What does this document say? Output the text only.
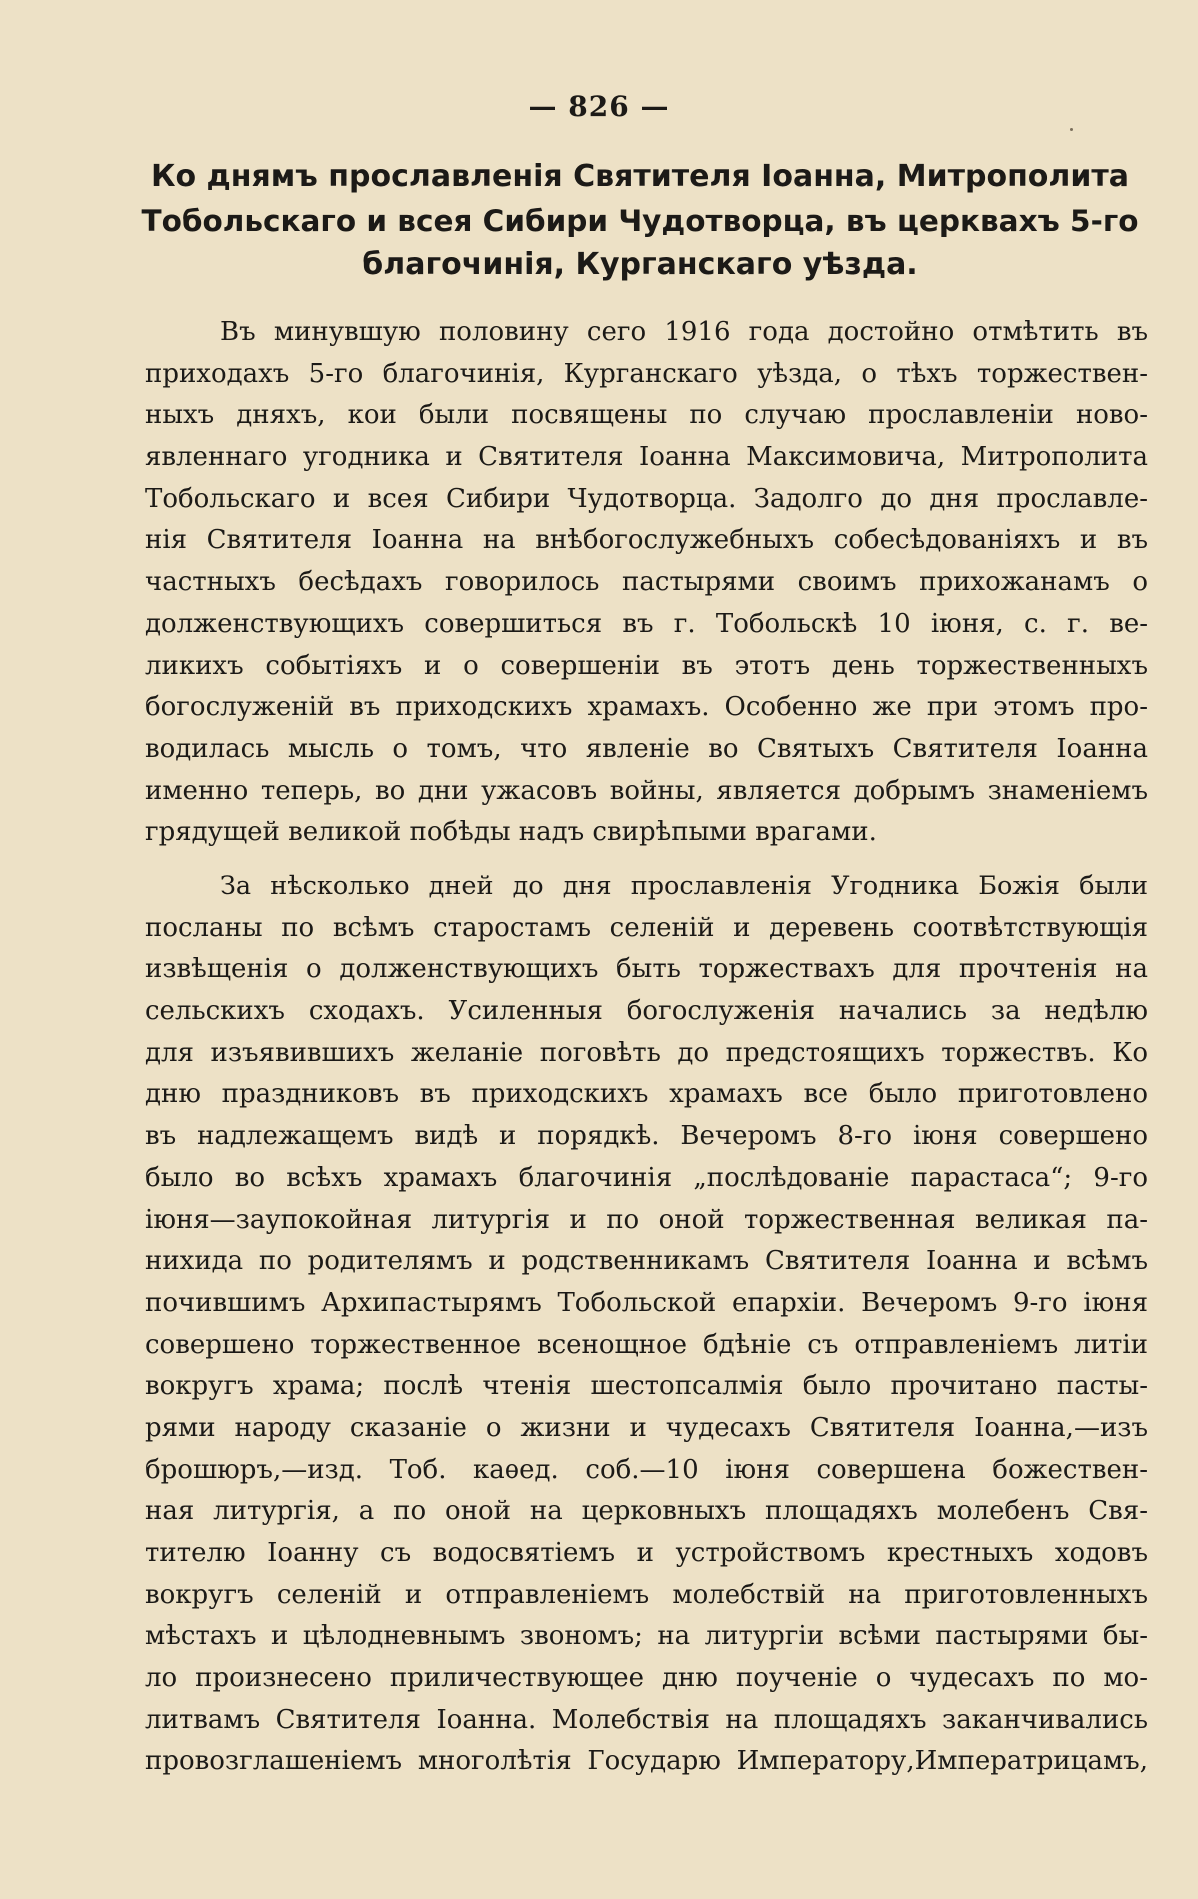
— 826 —
Ко днямъ прославленія Святителя Іоанна, Митрополита
Тобольскаго и всея Сибири Чудотворца, въ церквахъ 5-го
благочинія, Курганскаго уѣзда.
Въ минувшую половину сего 1916 года достойно отмѣтить въ
приходахъ 5-го благочинія, Курганскаго уѣзда, о тѣхъ торжествен-
ныхъ дняхъ, кои были посвящены по случаю прославленіи ново-
явленнаго угодника и Святителя Іоанна Максимовича, Митрополита
Тобольскаго и всея Сибири Чудотворца. Задолго до дня прославле-
нія Святителя Іоанна на внѣбогослужебныхъ собесѣдованіяхъ и въ
частныхъ бесѣдахъ говорилось пастырями своимъ прихожанамъ о
долженствующихъ совершиться въ г. Тобольскѣ 10 іюня, с. г. ве-
ликихъ событіяхъ и о совершеніи въ этотъ день торжественныхъ
богослуженій въ приходскихъ храмахъ. Особенно же при этомъ про-
водилась мысль о томъ, что явленіе во Святыхъ Святителя Іоанна
именно теперь, во дни ужасовъ войны, является добрымъ знаменіемъ
грядущей великой побѣды надъ свирѣпыми врагами.
За нѣсколько дней до дня прославленія Угодника Божія были
посланы по всѣмъ старостамъ селеній и деревень соотвѣтствующія
извѣщенія о долженствующихъ быть торжествахъ для прочтенія на
сельскихъ сходахъ. Усиленныя богослуженія начались за недѣлю
для изъявившихъ желаніе поговѣть до предстоящихъ торжествъ. Ко
дню праздниковъ въ приходскихъ храмахъ все было приготовлено
въ надлежащемъ видѣ и порядкѣ. Вечеромъ 8-го іюня совершено
было во всѣхъ храмахъ благочинія „послѣдованіе парастаса“; 9-го
іюня—заупокойная литургія и по оной торжественная великая па-
нихида по родителямъ и родственникамъ Святителя Іоанна и всѣмъ
почившимъ Архипастырямъ Тобольской епархіи. Вечеромъ 9-го іюня
совершено торжественное всенощное бдѣніе съ отправленіемъ литіи
вокругъ храма; послѣ чтенія шестопсалмія было прочитано пасты-
рями народу сказаніе о жизни и чудесахъ Святителя Іоанна,—изъ
брошюръ,—изд. Тоб. каѳед. соб.—10 іюня совершена божествен-
ная литургія, а по оной на церковныхъ площадяхъ молебенъ Свя-
тителю Іоанну съ водосвятіемъ и устройствомъ крестныхъ ходовъ
вокругъ селеній и отправленіемъ молебствій на приготовленныхъ
мѣстахъ и цѣлодневнымъ звономъ; на литургіи всѣми пастырями бы-
ло произнесено приличествующее дню поученіе о чудесахъ по мо-
литвамъ Святителя Іоанна. Молебствія на площадяхъ заканчивались
провозглашеніемъ многолѣтія Государю Императору,Императрицамъ,
